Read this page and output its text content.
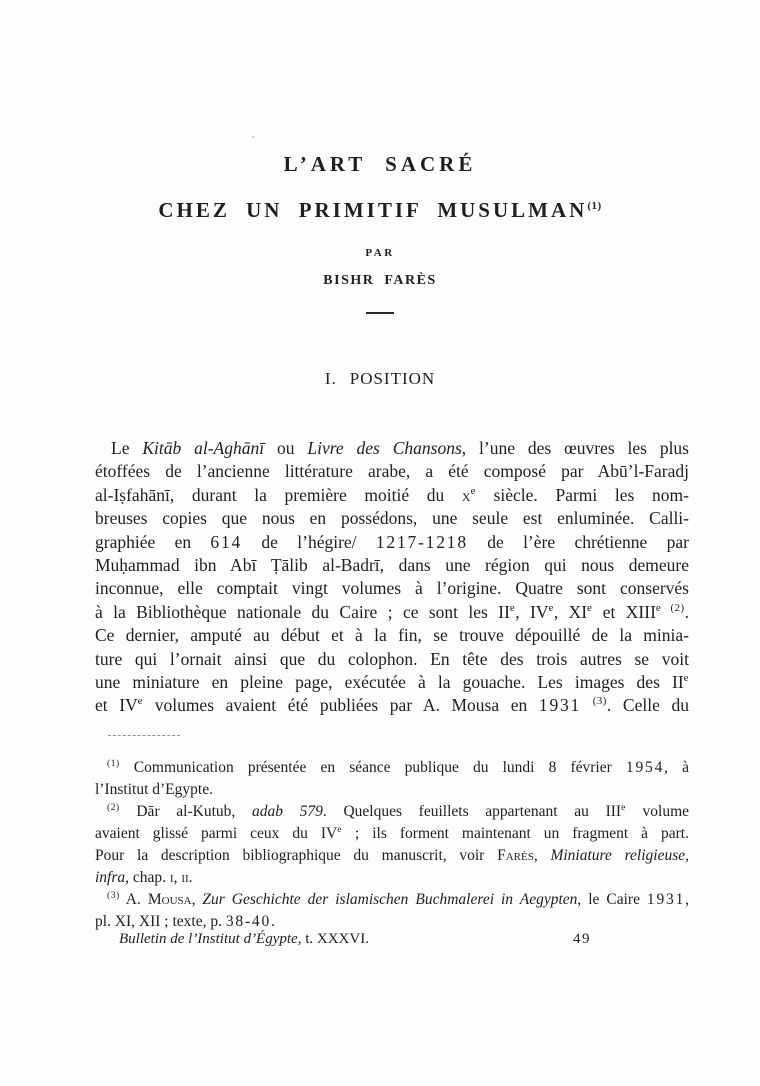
L’ART SACRÉ
CHEZ UN PRIMITIF MUSULMAN$^{(1)}$
PAR
BISHR FARÈS
I. POSITION
Le Kitāb al-Aghānī ou Livre des Chansons, l’une des œuvres les plus
étoffées de l’ancienne littérature arabe, a été composé par Abū’l-Faradj
al-Iṣfahānī, durant la première moitié du $x^e$ siècle. Parmi les nom-
breuses copies que nous en possédons, une seule est enluminée. Calli-
graphiée en 614 de l’hégire/ 1217-1218 de l’ère chrétienne par
Muḥammad ibn Abī Ṭālib al-Badrī, dans une région qui nous demeure
inconnue, elle comptait vingt volumes à l’origine. Quatre sont conservés
à la Bibliothèque nationale du Caire ; ce sont les IIe, IVe, XIe et $XIII^{e (2)}$.
Ce dernier, amputé au début et à la fin, se trouve dépouillé de la minia-
ture qui l’ornait ainsi que du colophon. En tête des trois autres se voit
une miniature en pleine page, exécutée à la gouache. Les images des IIe
et IVe volumes avaient été publiées par A. Mousa en 1931 $^{(3)}$. Celle du
$^{(1)}$ Communication présentée en séance publique du lundi 8 février 1954, à
l’Institut d’Egypte.
$^{(2)}$ Dār al-Kutub, adab 579. Quelques feuillets appartenant au IIIe volume
avaient glissé parmi ceux du IVe ; ils forment maintenant un fragment à part.
Pour la description bibliographique du manuscrit, voir Farès, Miniature religieuse,
infra, chap. i, ii.
$^{(3)}$ A. Mousa, Zur Geschichte der islamischen Buchmalerei in Aegypten, le Caire 1931,
pl. XI, XII ; texte, p. 38-40.
Bulletin de l’Institut d’Égypte, t. XXXVI.	49
